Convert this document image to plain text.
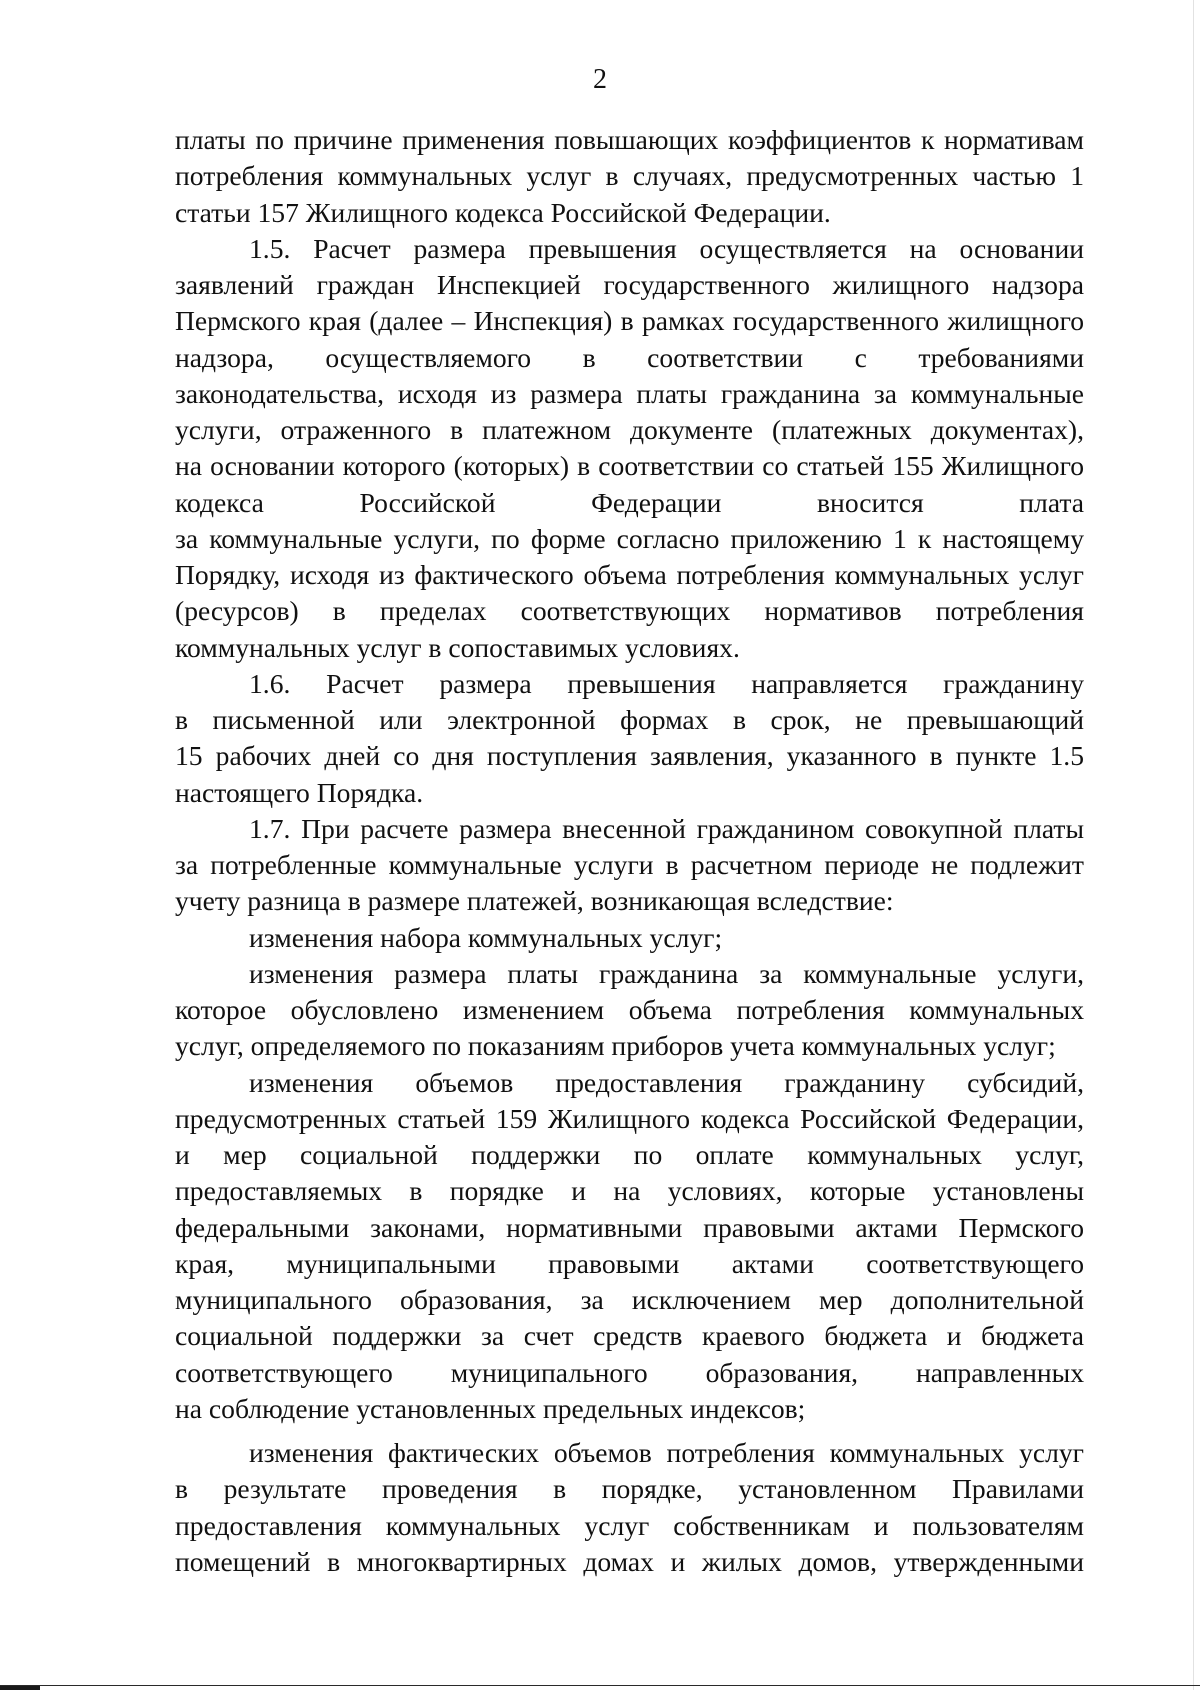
2
платы по причине применения повышающих коэффициентов к нормативам
потребления коммунальных услуг в случаях, предусмотренных частью 1
статьи 157 Жилищного кодекса Российской Федерации.
1.5. Расчет размера превышения осуществляется на основании
заявлений граждан Инспекцией государственного жилищного надзора
Пермского края (далее – Инспекция) в рамках государственного жилищного
надзора, осуществляемого в соответствии с требованиями
законодательства, исходя из размера платы гражданина за коммунальные
услуги, отраженного в платежном документе (платежных документах),
на основании которого (которых) в соответствии со статьей 155 Жилищного
кодекса Российской Федерации вносится плата
за коммунальные услуги, по форме согласно приложению 1 к настоящему
Порядку, исходя из фактического объема потребления коммунальных услуг
(ресурсов) в пределах соответствующих нормативов потребления
коммунальных услуг в сопоставимых условиях.
1.6. Расчет размера превышения направляется гражданину
в письменной или электронной формах в срок, не превышающий
15 рабочих дней со дня поступления заявления, указанного в пункте 1.5
настоящего Порядка.
1.7. При расчете размера внесенной гражданином совокупной платы
за потребленные коммунальные услуги в расчетном периоде не подлежит
учету разница в размере платежей, возникающая вследствие:
изменения набора коммунальных услуг;
изменения размера платы гражданина за коммунальные услуги,
которое обусловлено изменением объема потребления коммунальных
услуг, определяемого по показаниям приборов учета коммунальных услуг;
изменения объемов предоставления гражданину субсидий,
предусмотренных статьей 159 Жилищного кодекса Российской Федерации,
и мер социальной поддержки по оплате коммунальных услуг,
предоставляемых в порядке и на условиях, которые установлены
федеральными законами, нормативными правовыми актами Пермского
края, муниципальными правовыми актами соответствующего
муниципального образования, за исключением мер дополнительной
социальной поддержки за счет средств краевого бюджета и бюджета
соответствующего муниципального образования, направленных
на соблюдение установленных предельных индексов;
изменения фактических объемов потребления коммунальных услуг
в результате проведения в порядке, установленном Правилами
предоставления коммунальных услуг собственникам и пользователям
помещений в многоквартирных домах и жилых домов, утвержденными
